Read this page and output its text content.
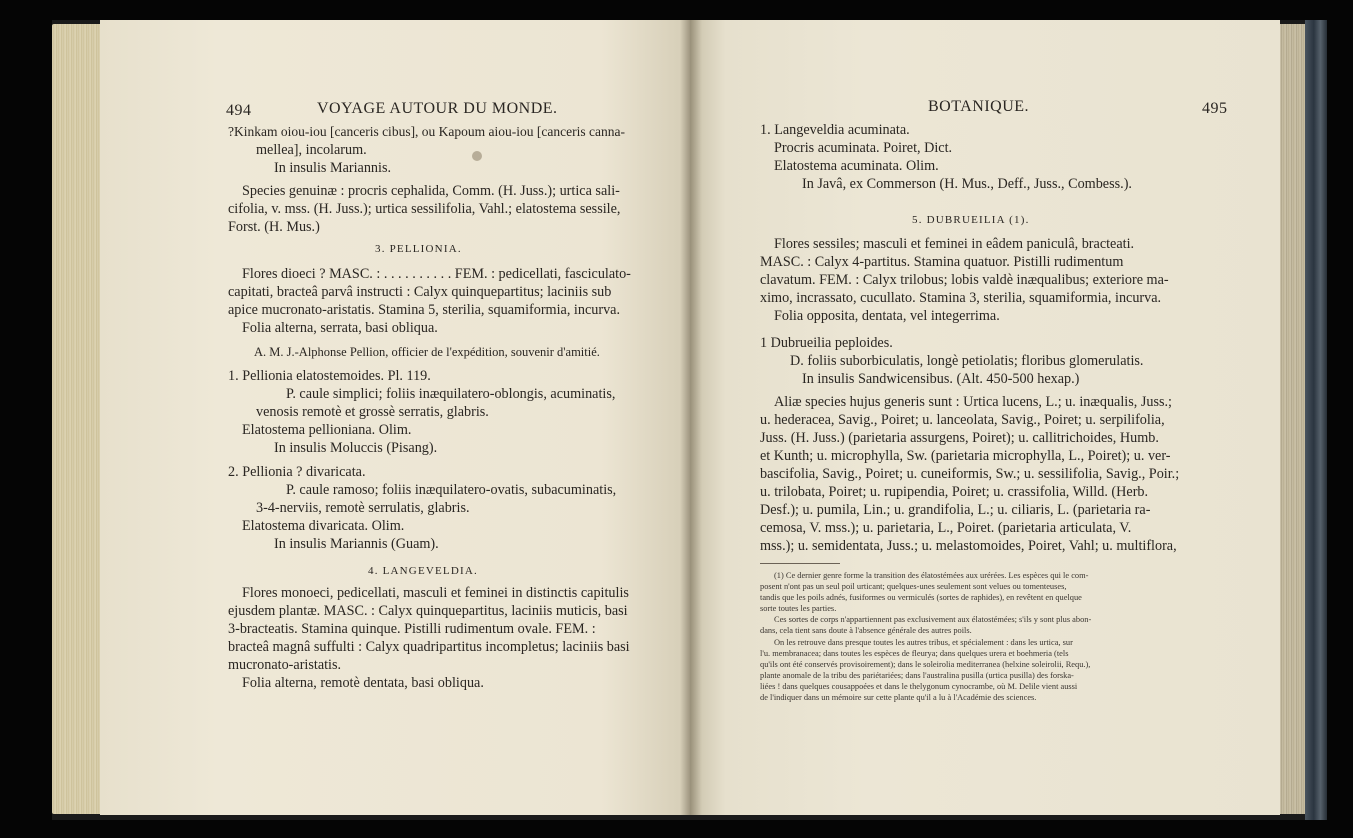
494	VOYAGE AUTOUR DU MONDE.
?Kinkam oiou-iou [canceris cibus], ou Kapoum aiou-iou [canceris canna-
mellea], incolarum.
In insulis Mariannis.
Species genuinæ : procris cephalida, Comm. (H. Juss.); urtica sali-
cifolia, v. mss. (H. Juss.); urtica sessilifolia, Vahl.; elatostema sessile,
Forst. (H. Mus.)
3. PELLIONIA.
Flores dioeci ? MASC. : . . . . . . . . . . FEM. : pedicellati, fasciculato-
capitati, bracteâ parvâ instructi : Calyx quinquepartitus; laciniis sub
apice mucronato-aristatis. Stamina 5, sterilia, squamiformia, incurva.
Folia alterna, serrata, basi obliqua.
A. M. J.-Alphonse Pellion, officier de l'expédition, souvenir d'amitié.
1. Pellionia elatostemoides. Pl. 119.
P. caule simplici; foliis inæquilatero-oblongis, acuminatis,
venosis remotè et grossè serratis, glabris.
Elatostema pellioniana. Olim.
In insulis Moluccis (Pisang).
2. Pellionia ? divaricata.
P. caule ramoso; foliis inæquilatero-ovatis, subacuminatis,
3-4-nerviis, remotè serrulatis, glabris.
Elatostema divaricata. Olim.
In insulis Mariannis (Guam).
4. LANGEVELDIA.
Flores monoeci, pedicellati, masculi et feminei in distinctis capitulis
ejusdem plantæ. MASC. : Calyx quinquepartitus, laciniis muticis, basi
3-bracteatis. Stamina quinque. Pistilli rudimentum ovale. FEM. :
bracteâ magnâ suffulti : Calyx quadripartitus incompletus; laciniis basi
mucronato-aristatis.
Folia alterna, remotè dentata, basi obliqua.
BOTANIQUE.	495
1. Langeveldia acuminata.
Procris acuminata. Poiret, Dict.
Elatostema acuminata. Olim.
In Javâ, ex Commerson (H. Mus., Deff., Juss., Combess.).
5. DUBRUEILIA (1).
Flores sessiles; masculi et feminei in eâdem paniculâ, bracteati.
MASC. : Calyx 4-partitus. Stamina quatuor. Pistilli rudimentum
clavatum. FEM. : Calyx trilobus; lobis valdè inæqualibus; exteriore ma-
ximo, incrassato, cucullato. Stamina 3, sterilia, squamiformia, incurva.
Folia opposita, dentata, vel integerrima.
1 Dubrueilia peploides.
D. foliis suborbiculatis, longè petiolatis; floribus glomerulatis.
In insulis Sandwicensibus. (Alt. 450-500 hexap.)
Aliæ species hujus generis sunt : Urtica lucens, L.; u. inæqualis, Juss.;
u. hederacea, Savig., Poiret; u. lanceolata, Savig., Poiret; u. serpilifolia,
Juss. (H. Juss.) (parietaria assurgens, Poiret); u. callitrichoides, Humb.
et Kunth; u. microphylla, Sw. (parietaria microphylla, L., Poiret); u. ver-
bascifolia, Savig., Poiret; u. cuneiformis, Sw.; u. sessilifolia, Savig., Poir.;
u. trilobata, Poiret; u. rupipendia, Poiret; u. crassifolia, Willd. (Herb.
Desf.); u. pumila, Lin.; u. grandifolia, L.; u. ciliaris, L. (parietaria ra-
cemosa, V. mss.); u. parietaria, L., Poiret. (parietaria articulata, V.
mss.); u. semidentata, Juss.; u. melastomoides, Poiret, Vahl; u. multiflora,
(1) Ce dernier genre forme la transition des élatostémées aux urérées. Les espèces qui le com-
posent n'ont pas un seul poil urticant; quelques-unes seulement sont velues ou tomenteuses,
tandis que les poils adnés, fusiformes ou vermiculés (sortes de raphides), en revêtent en quelque
sorte toutes les parties.
Ces sortes de corps n'appartiennent pas exclusivement aux élatostémées; s'ils y sont plus abon-
dans, cela tient sans doute à l'absence générale des autres poils.
On les retrouve dans presque toutes les autres tribus, et spécialement : dans les urtica, sur
l'u. membranacea; dans toutes les espèces de fleurya; dans quelques urera et boehmeria (tels
qu'ils ont été conservés provisoirement); dans le soleirolia mediterranea (helxine soleirolii, Requ.),
plante anomale de la tribu des pariétariées; dans l'australina pusilla (urtica pusilla) des forska-
liées ! dans quelques cousappoées et dans le thelygonum cynocrambe, où M. Delile vient aussi
de l'indiquer dans un mémoire sur cette plante qu'il a lu à l'Académie des sciences.
